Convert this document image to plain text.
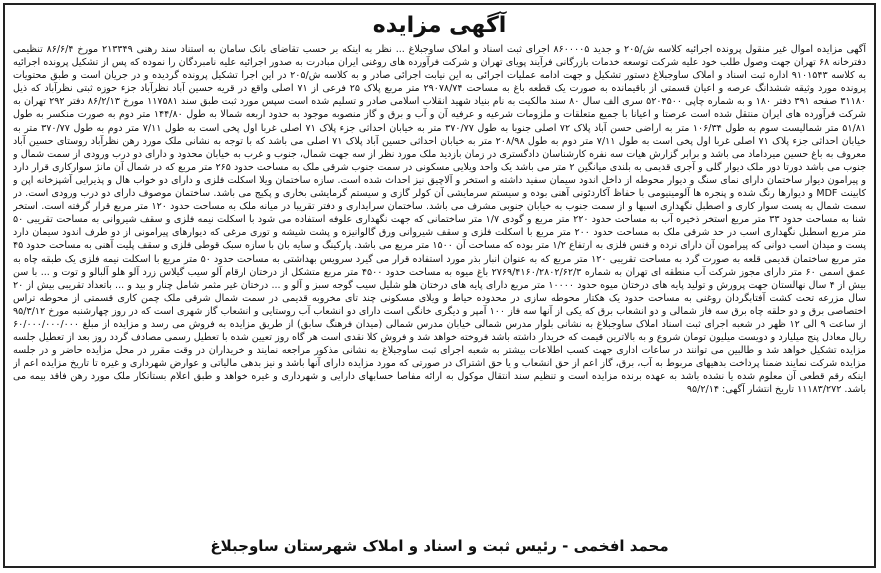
آگهی مزایده
آگهی مزایده اموال غیر منقول پرونده اجرائیه کلاسه ش/۲۰۵ و جدید ۸۶۰۰۰۰۵ اجرای ثبت اسناد و املاک ساوجبلاغ ... نظر به اینکه بر حسب تقاضای بانک سامان به استناد سند رهنی ۲۱۳۳۴۹ مورخ ۸۶/۶/۴ تنظیمی دفترخانه ۶۸ تهران جهت وصول طلب خود علیه شرکت توسعه خدمات بازرگانی فرآیند پویای تهران و شرکت فرآورده های روغنی ایران مبادرت به صدور اجرائیه علیه نامبردگان را نموده که پس از تشکیل پرونده اجرائیه به کلاسه ۹۱۰۱۵۴۳ اداره ثبت اسناد و املاک ساوجبلاغ دستور تشکیل و جهت ادامه عملیات اجرائی به این نیابت اجرائی صادر و به کلاسه ش/۲۰۵ در این اجرا تشکیل پرونده گردیده و در جریان است و طبق محتویات پرونده مورد وثیقه ششدانگ عرصه و اعیان قسمتی از باقیمانده به صورت یک قطعه باغ به مساحت ۲۹۰۷۸/۷۴ متر مربع پلاک ۲۵ فرعی از ۷۱ اصلی واقع در قریه حسین آباد نظرآباد جزء حوزه ثبتی نظرآباد که ذیل ۳۱۱۸۰ صفحه ۳۹۱ دفتر ۱۸۰ و به شماره چاپی ۵۲۰۴۵۰۰ سری الف سال ۸۰ سند مالکیت به نام بنیاد شهید انقلاب اسلامی صادر و تسلیم شده است سپس مورد ثبت طبق سند ۱۱۷۵۸۱ مورخ ۸۶/۲/۱۳ دفتر ۲۹۲ تهران به شرکت فرآورده های ایران منتقل شده است عرصتا و اعیانا با جمیع متعلقات و ملزومات شرعیه و عرفیه آن و آب و برق و گاز منصوبه موجود به حدود اربعه شمالا به طول ۱۴۴/۸۰ متر دوم به صورت منکسر به طول ۵۱/۸۱ متر شمالیست سوم به طول ۱۰۶/۳۴ متر به اراضی حسن آباد پلاک ۷۲ اصلی جنوبا به طول ۳۷۰/۷۷ متر به خیابان احداثی جزء پلاک ۷۱ اصلی غربا اول پخی است به طول ۷/۱۱ متر دوم به طول ۳۷۰/۷۷ متر به خیابان احداثی جزء پلاک ۷۱ اصلی غربا اول پخی است به طول ۷/۱۱ متر دوم به طول ۲۰۸/۹۸ متر به خیابان احداثی حسین آباد پلاک ۷۱ اصلی می باشد که با توجه به نشانی ملک مورد رهن نظرآباد روستای حسین آباد معروف به باغ حسین میرداماد می باشد و برابر گزارش هیات سه نفره کارشناسان دادگستری در زمان بازدید ملک مورد نظر از سه جهت شمال، جنوب و غرب به خیابان محدود و دارای دو درب ورودی از سمت شمال و جنوب می باشد دورتا دور ملک دیوار گلی و آجری قدیمی به بلندی میانگین ۲ متر می باشد یک واحد ویلایی مسکونی در سمت جنوب شرقی ملک به مساحت حدود ۲۶۵ متر مربع که در شمال آن مانژ سوارکاری قرار دارد و پیرامون دیوار ساختمان دارای نمای سنگ و دیوار محوطه از داخل اندود سیمان سفید داشته و استخر و آلاچیق نیز احداث شده است. سازه ساختمان ویلا اسکلت فلزی و دارای دو خواب هال و پذیرایی آشپزخانه اپن و کابینت MDF و دیوارها رنگ شده و پنجره ها آلومینیومی با حفاظ آکاردئونی آهنی بوده و سیستم سرمایشی آن کولر گازی و سیستم گرمایشی بخاری و پکیج می باشد. ساختمان موصوف دارای دو درب ورودی است. در سمت شمال به پست سوار کاری و اصطبل نگهداری اسبها و از سمت جنوب به خیابان جنوبی مشرف می باشد. ساختمان سرایداری و دفتر تقریبا در میانه ملک به مساحت حدود ۱۲۰ متر مربع قرار گرفته است. استخر شنا به مساحت حدود ۳۳ متر مربع استخر ذخیره آب به مساحت حدود ۲۲۰ متر مربع و گودی ۱/۷ متر ساختمانی که جهت نگهداری علوفه استفاده می شود با اسکلت نیمه فلزی و سقف شیروانی به مساحت تقریبی ۵۰ متر مربع اسطبل نگهداری اسب در حد شرقی ملک به مساحت حدود ۲۰۰ متر مربع با اسکلت فلزی و سقف شیروانی ورق گالوانیزه و پشت شیشه و توری مرغی که دیوارهای پیرامونی از دو طرف اندود سیمان دارد پست و میدان اسب دوانی که پیرامون آن دارای نرده و فنس فلزی به ارتفاع ۱/۲ متر بوده که مساحت آن ۱۵۰۰ متر مربع می باشد. پارکینگ و سایه بان با سازه سبک قوطی فلزی و سقف پلیت آهنی به مساحت حدود ۴۵ متر مربع ساختمان قدیمی قلعه به صورت گرد به مساحت تقریبی ۱۲۰ متر مربع که به عنوان انبار بذر مورد استفاده قرار می گیرد سرویس بهداشتی به مساحت حدود ۵۰ متر مربع با اسکلت نیمه فلزی یک طبقه چاه به عمق اسمی ۶۰ متر دارای مجوز شرکت آب منطقه ای تهران به شماره ۲۷۶۹/۴۱۶۰/۲۸۰۲/۶۲/۳ باغ میوه به مساحت حدود ۴۵۰۰ متر مربع متشکل از درختان ارقام آلو سیب گیلاس زرد آلو هلو آلبالو و توت و ... با سن بیش از ۴ سال نهالستان جهت پرورش و تولید پایه های درختان میوه حدود ۱۰۰۰۰ متر مربع دارای پایه های درختان هلو شلیل سیب گوجه سبز و آلو و ... درختان غیر مثمر شامل چنار و بید و ... باتعداد تقریبی بیش از ۲۰ سال مزرعه تحت کشت آفتابگردان روغنی به مساحت حدود یک هکتار محوطه سازی در محدوده حیاط و ویلای مسکونی چند تای مخروبه قدیمی در سمت شمال شرقی ملک چمن کاری قسمتی از محوطه تراس اختصاصی برق و دو حلقه چاه برق سه فاز شمالی و دو انشعاب برق که یکی از آنها سه فاز ۱۰۰ آمپر و دیگری خانگی است دارای دو انشعاب آب روستایی و انشعاب گاز شهری است که در روز چهارشنبه مورخ ۹۵/۳/۱۲ از ساعت ۹ الی ۱۲ ظهر در شعبه اجرای ثبت اسناد املاک ساوجبلاغ به نشانی بلوار مدرس شمالی خیابان مدرس شمالی (میدان فرهنگ سابق) از طریق مزایده به فروش می رسد و مزایده از مبلغ ۶۰/۰۰۰/۰۰۰/۰۰۰ ریال معادل پنج میلیارد و دویست میلیون تومان شروع و به بالاترین قیمت که خریدار داشته باشد فروخته خواهد شد و فروش کلا نقدی است هر گاه روز تعیین شده با تعطیل رسمی مصادف گردد روز بعد از تعطیل جلسه مزایده تشکیل خواهد شد و طالبین می توانند در ساعات اداری جهت کسب اطلاعات بیشتر به شعبه اجرای ثبت ساوجبلاغ به نشانی مذکور مراجعه نمایند و خریداران در وقت مقرر در محل مزایده حاضر و در جلسه مزایده شرکت نمایند ضمنا پرداخت بدهیهای مربوط به آب، برق، گاز اعم از حق انشعاب و یا حق اشتراک در صورتی که مورد مزایده دارای آنها باشد و نیز بدهی مالیاتی و عوارض شهرداری و غیره تا تاریخ مزایده اعم از اینکه رقم قطعی آن معلوم شده یا نشده باشد به عهده برنده مزایده است و تنظیم سند انتقال موکول به ارائه مفاصا حسابهای دارایی و شهرداری و غیره خواهد و طبق اعلام بستانکار ملک مورد رهن فاقد بیمه می باشد. ۱۱۱۸۳/۲۷۲ تاریخ انتشار آگهی: ۹۵/۲/۱۴
محمد افخمی - رئیس ثبت و اسناد و املاک شهرستان ساوجبلاغ
